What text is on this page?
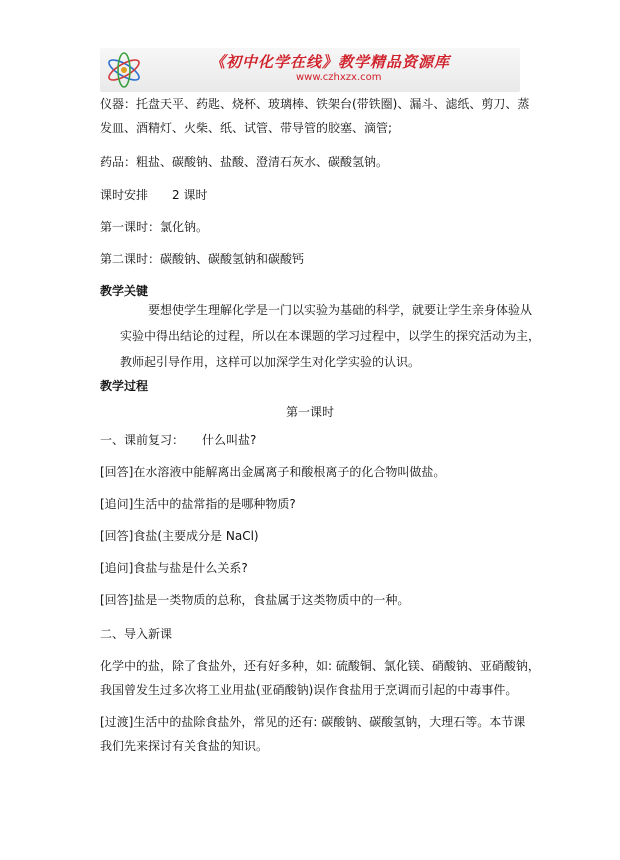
《初中化学在线》教学精品资源库
www.czhxzx.com
仪器：托盘天平、药匙、烧杯、玻璃棒、铁架台(带铁圈)、漏斗、滤纸、剪刀、蒸
发皿、酒精灯、火柴、纸、试管、带导管的胶塞、滴管;
药品：粗盐、碳酸钠、盐酸、澄清石灰水、碳酸氢钠。
课时安排　　2 课时
第一课时：氯化钠。
第二课时：碳酸钠、碳酸氢钠和碳酸钙
教学关键
要想使学生理解化学是一门以实验为基础的科学，就要让学生亲身体验从
实验中得出结论的过程，所以在本课题的学习过程中，以学生的探究活动为主，
教师起引导作用，这样可以加深学生对化学实验的认识。
教学过程
第一课时
一、课前复习：　　什么叫盐?
[回答]在水溶液中能解离出金属离子和酸根离子的化合物叫做盐。
[追问]生活中的盐常指的是哪种物质?
[回答]食盐(主要成分是 NaCl)
[追问]食盐与盐是什么关系?
[回答]盐是一类物质的总称，食盐属于这类物质中的一种。
二、导入新课
化学中的盐，除了食盐外，还有好多种，如: 硫酸铜、氯化镁、硝酸钠、亚硝酸钠，
我国曾发生过多次将工业用盐(亚硝酸钠)误作食盐用于烹调而引起的中毒事件。
[过渡]生活中的盐除食盐外，常见的还有: 碳酸钠、碳酸氢钠，大理石等。本节课
我们先来探讨有关食盐的知识。
